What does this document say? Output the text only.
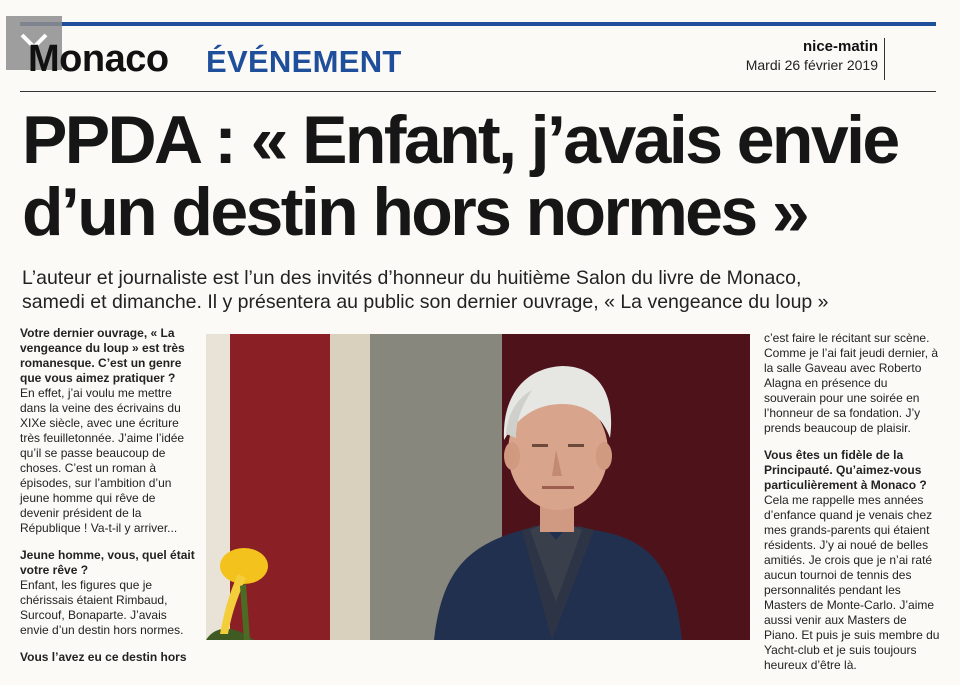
Monaco ÉVÉNEMENT	nice-matin
Mardi 26 février 2019
PPDA : « Enfant, j’avais envie
d’un destin hors normes »
L’auteur et journaliste est l’un des invités d’honneur du huitième Salon du livre de Monaco,
samedi et dimanche. Il y présentera au public son dernier ouvrage, « La vengeance du loup »

Votre dernier ouvrage, « La vengeance du loup » est très romanesque. C’est un genre que vous aimez pratiquer ?
En effet, j’ai voulu me mettre dans la veine des écrivains du XIXe siècle, avec une écriture très feuilletonnée. J’aime l’idée qu’il se passe beaucoup de choses. C’est un roman à épisodes, sur l’ambition d’un jeune homme qui rêve de devenir président de la République ! Va-t-il y arriver...

Jeune homme, vous, quel était votre rêve ?
Enfant, les figures que je chérissais étaient Rimbaud, Surcouf, Bonaparte. J’avais envie d’un destin hors normes.

Vous l’avez eu ce destin hors

c’est faire le récitant sur scène. Comme je l’ai fait jeudi dernier, à la salle Gaveau avec Roberto Alagna en présence du souverain pour une soirée en l’honneur de sa fondation. J’y prends beaucoup de plaisir.

Vous êtes un fidèle de la Principauté. Qu’aimez-vous particulièrement à Monaco ?
Cela me rappelle mes années d’enfance quand je venais chez mes grands-parents qui étaient résidents. J’y ai noué de belles amitiés. Je crois que je n’ai raté aucun tournoi de tennis des personnalités pendant les Masters de Monte-Carlo. J’aime aussi venir aux Masters de Piano. Et puis je suis membre du Yacht-club et je suis toujours heureux d’être là.
